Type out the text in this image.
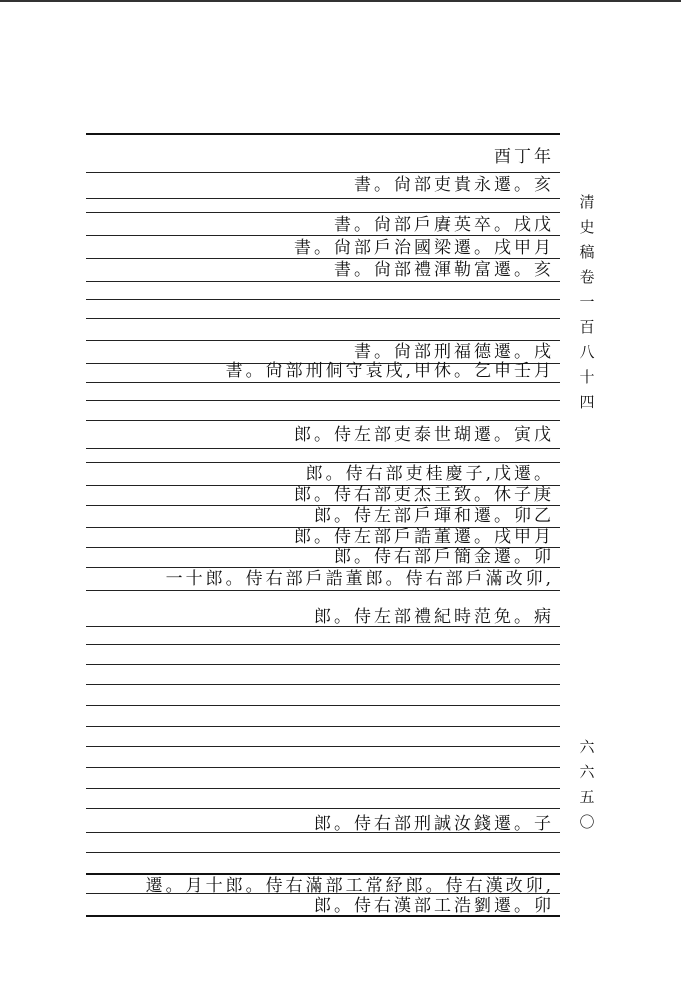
酉丁年
書。尙部吏貴永遷。亥
書。尙部戶賡英卒。戌戊
書。尙部戶治國梁遷。戌甲月
書。尙部禮渾勒富遷。亥
書。尙部刑福德遷。戌
書。尙部刑侗守袁戌,甲休。乞申壬月
郎。侍左部吏泰世瑚遷。寅戊
郎。侍右部吏桂慶子,戊遷。
郎。侍右部吏杰王致。休子庚
郎。侍左部戶琿和遷。卯乙
郎。侍左部戶誥董遷。戌甲月
郎。侍右部戶簡金遷。卯
一十郎。侍右部戶誥董郎。侍右部戶滿改卯,
郎。侍左部禮紀時范免。病
郎。侍右部刑誠汝錢遷。子
遷。月十郎。侍右滿部工常紓郎。侍右漢改卯,
郎。侍右漢部工浩劉遷。卯
清史稿卷一百八十四
六六五〇
